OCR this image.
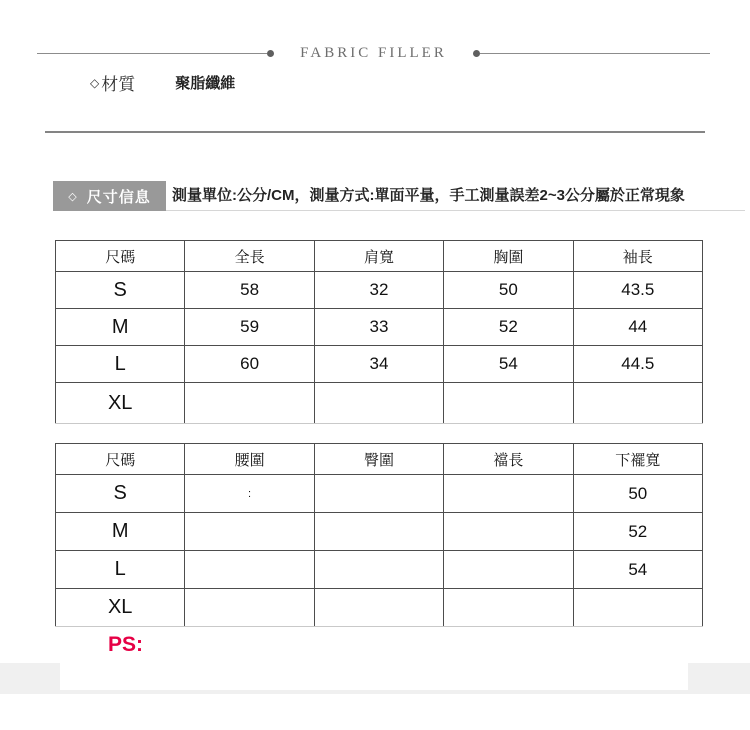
FABRIC FILLER
◇ 材質	聚脂纖維
◇ 尺寸信息 測量單位:公分/CM，測量方式:單面平量，手工測量誤差2~3公分屬於正常現象
尺碼	全長	肩寬	胸圍	袖長
S	58	32	50	43.5
M	59	33	52	44
L	60	34	54	44.5
XL				
尺碼	腰圍	臀圍	襠長	下襬寬
S	:			50
M				52
L				54
XL				
PS:
